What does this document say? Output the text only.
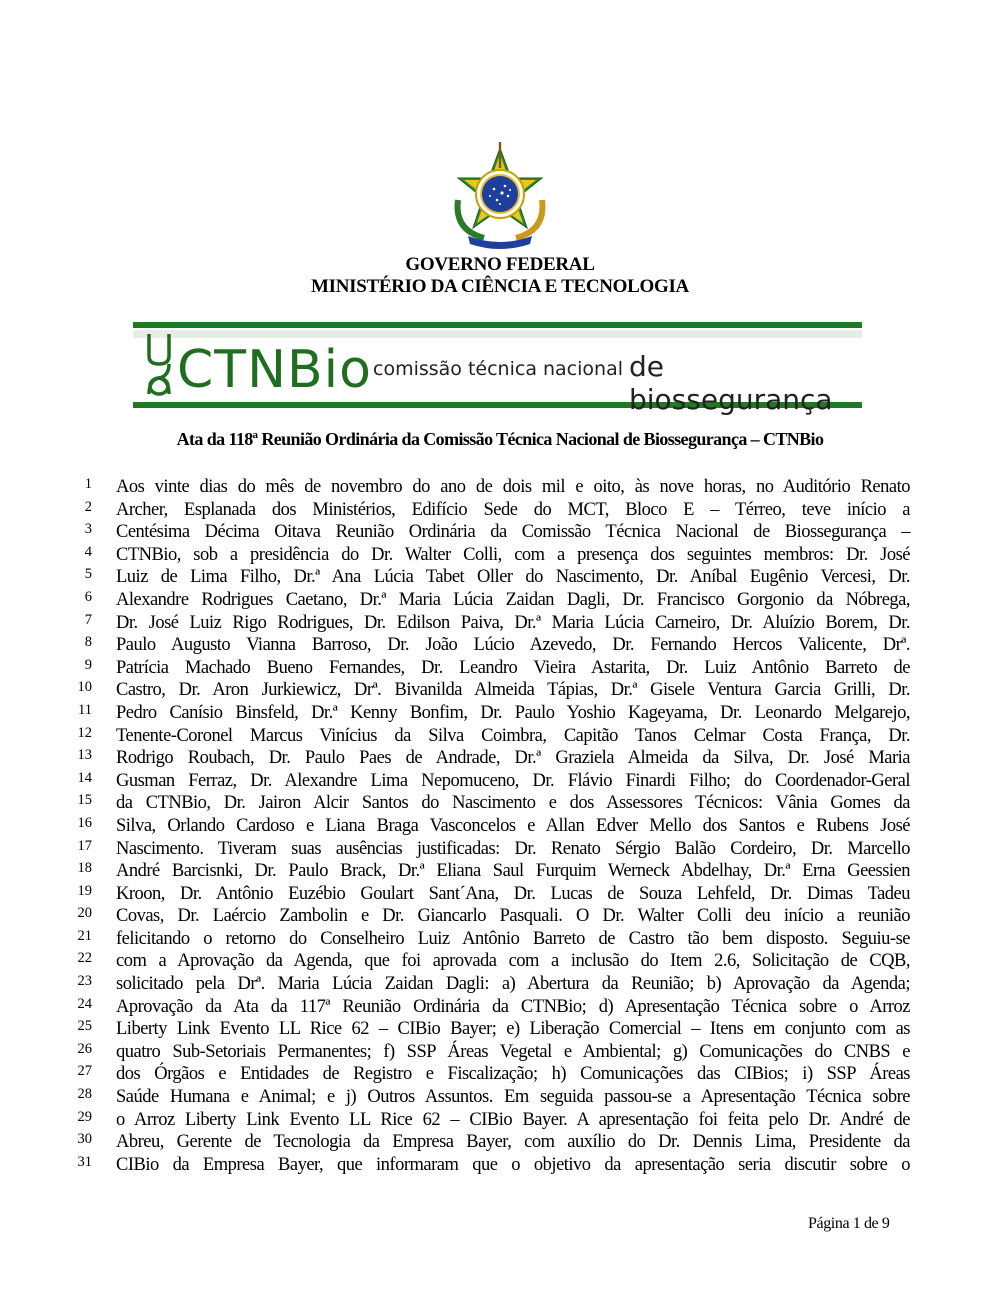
GOVERNO FEDERAL
MINISTÉRIO DA CIÊNCIA E TECNOLOGIA
CTNBio comissão técnica nacional de biossegurança
Ata da 118ª Reunião Ordinária da Comissão Técnica Nacional de Biossegurança – CTNBio
1 Aos vinte dias do mês de novembro do ano de dois mil e oito, às nove horas, no Auditório Renato
2 Archer, Esplanada dos Ministérios, Edifício Sede do MCT, Bloco E – Térreo, teve início a
3 Centésima Décima Oitava Reunião Ordinária da Comissão Técnica Nacional de Biossegurança –
4 CTNBio, sob a presidência do Dr. Walter Colli, com a presença dos seguintes membros: Dr. José
5 Luiz de Lima Filho, Dr.ª Ana Lúcia Tabet Oller do Nascimento, Dr. Aníbal Eugênio Vercesi, Dr.
6 Alexandre Rodrigues Caetano, Dr.ª Maria Lúcia Zaidan Dagli, Dr. Francisco Gorgonio da Nóbrega,
7 Dr. José Luiz Rigo Rodrigues, Dr. Edilson Paiva, Dr.ª Maria Lúcia Carneiro, Dr. Aluízio Borem, Dr.
8 Paulo Augusto Vianna Barroso, Dr. João Lúcio Azevedo, Dr. Fernando Hercos Valicente, Drª.
9 Patrícia Machado Bueno Fernandes, Dr. Leandro Vieira Astarita, Dr. Luiz Antônio Barreto de
10 Castro, Dr. Aron Jurkiewicz, Drª. Bivanilda Almeida Tápias, Dr.ª Gisele Ventura Garcia Grilli, Dr.
11 Pedro Canísio Binsfeld, Dr.ª Kenny Bonfim, Dr. Paulo Yoshio Kageyama, Dr. Leonardo Melgarejo,
12 Tenente-Coronel Marcus Vinícius da Silva Coimbra, Capitão Tanos Celmar Costa França, Dr.
13 Rodrigo Roubach, Dr. Paulo Paes de Andrade, Dr.ª Graziela Almeida da Silva, Dr. José Maria
14 Gusman Ferraz, Dr. Alexandre Lima Nepomuceno, Dr. Flávio Finardi Filho; do Coordenador-Geral
15 da CTNBio, Dr. Jairon Alcir Santos do Nascimento e dos Assessores Técnicos: Vânia Gomes da
16 Silva, Orlando Cardoso e Liana Braga Vasconcelos e Allan Edver Mello dos Santos e Rubens José
17 Nascimento. Tiveram suas ausências justificadas: Dr. Renato Sérgio Balão Cordeiro, Dr. Marcello
18 André Barcisnki, Dr. Paulo Brack, Dr.ª Eliana Saul Furquim Werneck Abdelhay, Dr.ª Erna Geessien
19 Kroon, Dr. Antônio Euzébio Goulart Sant´Ana, Dr. Lucas de Souza Lehfeld, Dr. Dimas Tadeu
20 Covas, Dr. Laércio Zambolin e Dr. Giancarlo Pasquali. O Dr. Walter Colli deu início a reunião
21 felicitando o retorno do Conselheiro Luiz Antônio Barreto de Castro tão bem disposto. Seguiu-se
22 com a Aprovação da Agenda, que foi aprovada com a inclusão do Item 2.6, Solicitação de CQB,
23 solicitado pela Drª. Maria Lúcia Zaidan Dagli: a) Abertura da Reunião; b) Aprovação da Agenda;
24 Aprovação da Ata da 117ª Reunião Ordinária da CTNBio; d) Apresentação Técnica sobre o Arroz
25 Liberty Link Evento LL Rice 62 – CIBio Bayer; e) Liberação Comercial – Itens em conjunto com as
26 quatro Sub-Setoriais Permanentes; f) SSP Áreas Vegetal e Ambiental; g) Comunicações do CNBS e
27 dos Órgãos e Entidades de Registro e Fiscalização; h) Comunicações das CIBios; i) SSP Áreas
28 Saúde Humana e Animal; e j) Outros Assuntos. Em seguida passou-se a Apresentação Técnica sobre
29 o Arroz Liberty Link Evento LL Rice 62 – CIBio Bayer. A apresentação foi feita pelo Dr. André de
30 Abreu, Gerente de Tecnologia da Empresa Bayer, com auxílio do Dr. Dennis Lima, Presidente da
31 CIBio da Empresa Bayer, que informaram que o objetivo da apresentação seria discutir sobre o
Página 1 de 9
